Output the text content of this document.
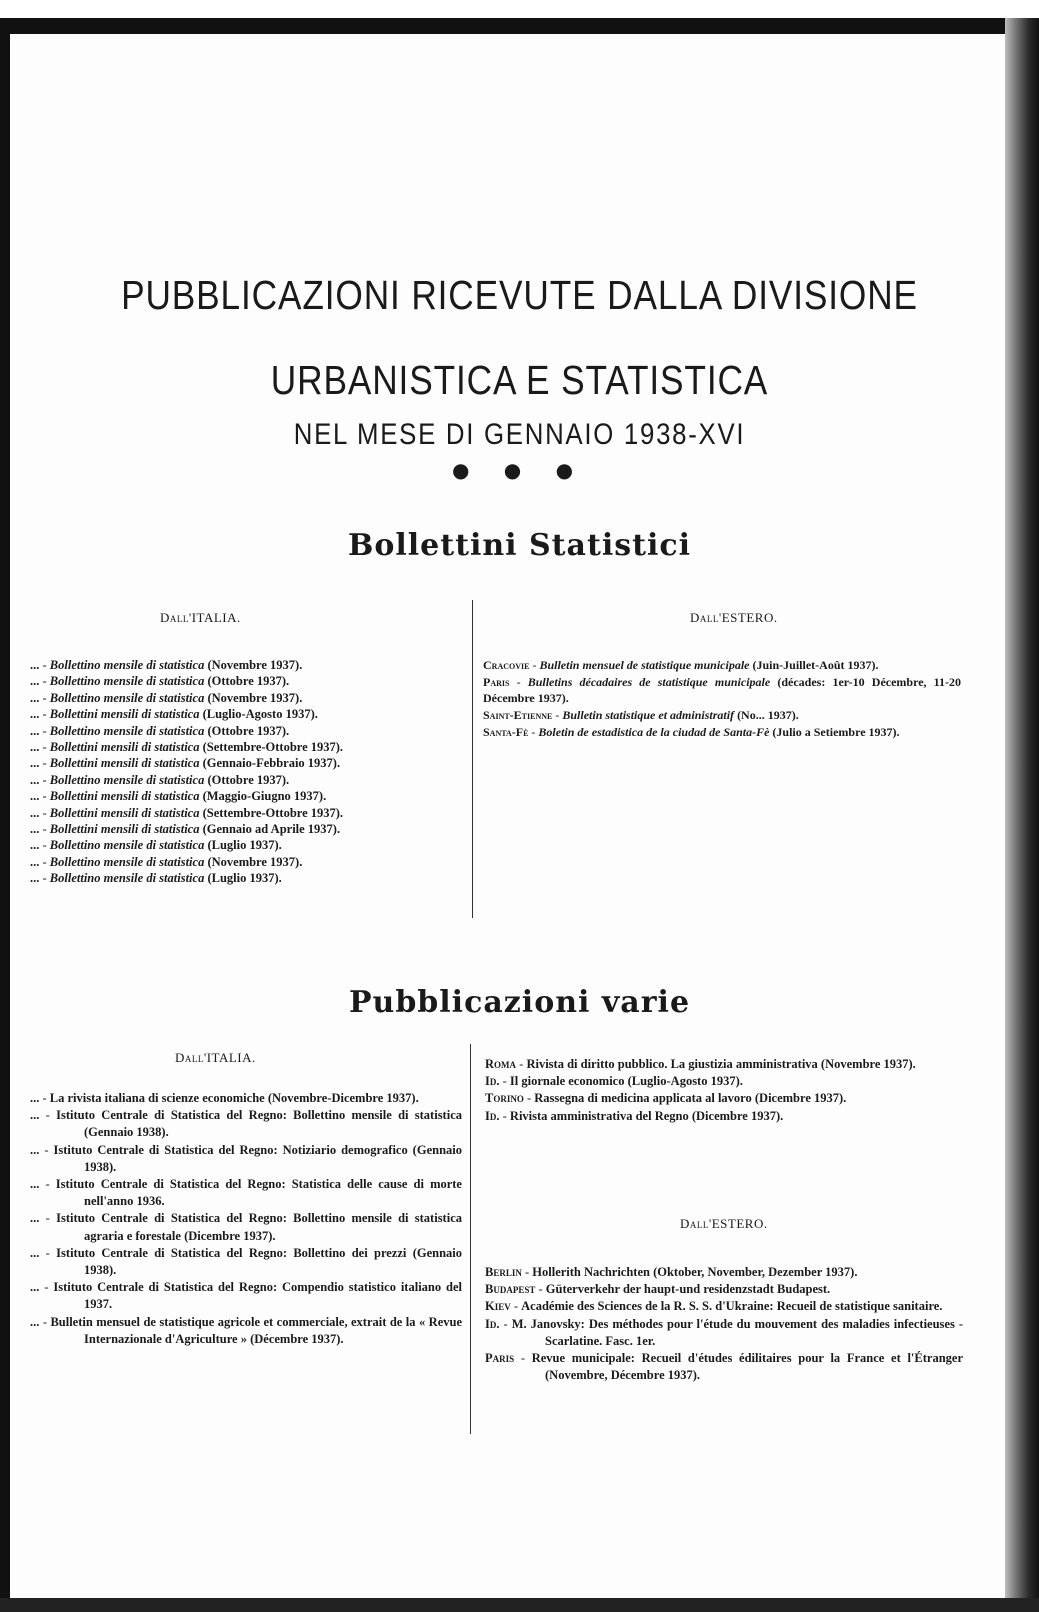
PUBBLICAZIONI RICEVUTE DALLA DIVISIONE
URBANISTICA E STATISTICA
NEL MESE DI GENNAIO 1938-XVI
● ● ●
Bollettini Statistici
Dall'ITALIA.	Dall'ESTERO.
... - Bollettino mensile di statistica (Novembre 1937).
... - Bollettino mensile di statistica (Ottobre 1937).
... - Bollettino mensile di statistica (Novembre 1937).
... - Bollettini mensili di statistica (Luglio-Agosto 1937).
... - Bollettino mensile di statistica (Ottobre 1937).
... - Bollettini mensili di statistica (Settembre-Ottobre 1937).
... - Bollettini mensili di statistica (Gennaio-Febbraio 1937).
... - Bollettino mensile di statistica (Ottobre 1937).
... - Bollettini mensili di statistica (Maggio-Giugno 1937).
... - Bollettini mensili di statistica (Settembre-Ottobre 1937).
... - Bollettini mensili di statistica (Gennaio ad Aprile 1937).
... - Bollettino mensile di statistica (Luglio 1937).
... - Bollettino mensile di statistica (Novembre 1937).
... - Bollettino mensile di statistica (Luglio 1937).
Cracovie - Bulletin mensuel de statistique municipale (Juin-Juillet-Août 1937).
Paris - Bulletins décadaires de statistique municipale (décades: 1er-10 Décembre, 11-20 Décembre 1937).
Saint-Etienne - Bulletin statistique et administratif (No... 1937).
Santa-Fè - Boletin de estadistica de la ciudad de Santa-Fè (Julio a Setiembre 1937).
Pubblicazioni varie
Dall'ITALIA.
... - La rivista italiana di scienze economiche (Novembre-Dicembre 1937).
... - Istituto Centrale di Statistica del Regno: Bollettino mensile di statistica (Gennaio 1938).
... - Istituto Centrale di Statistica del Regno: Notiziario demografico (Gennaio 1938).
... - Istituto Centrale di Statistica del Regno: Statistica delle cause di morte nell'anno 1936.
... - Istituto Centrale di Statistica del Regno: Bollettino mensile di statistica agraria e forestale (Dicembre 1937).
... - Istituto Centrale di Statistica del Regno: Bollettino dei prezzi (Gennaio 1938).
... - Istituto Centrale di Statistica del Regno: Compendio statistico italiano del 1937.
... - Bulletin mensuel de statistique agricole et commerciale, extrait de la « Revue Internazionale d'Agriculture » (Décembre 1937).
Roma - Rivista di diritto pubblico. La giustizia amministrativa (Novembre 1937).
Id. - Il giornale economico (Luglio-Agosto 1937).
Torino - Rassegna di medicina applicata al lavoro (Dicembre 1937).
Id. - Rivista amministrativa del Regno (Dicembre 1937).
Dall'ESTERO.
Berlin - Hollerith Nachrichten (Oktober, November, Dezember 1937).
Budapest - Güterverkehr der haupt-und residenzstadt Budapest.
Kiev - Académie des Sciences de la R. S. S. d'Ukraine: Recueil de statistique sanitaire.
Id. - M. Janovsky: Des méthodes pour l'étude du mouvement des maladies infectieuses - Scarlatine. Fasc. 1er.
Paris - Revue municipale: Recueil d'études édilitaires pour la France et l'Étranger (Novembre, Décembre 1937).
